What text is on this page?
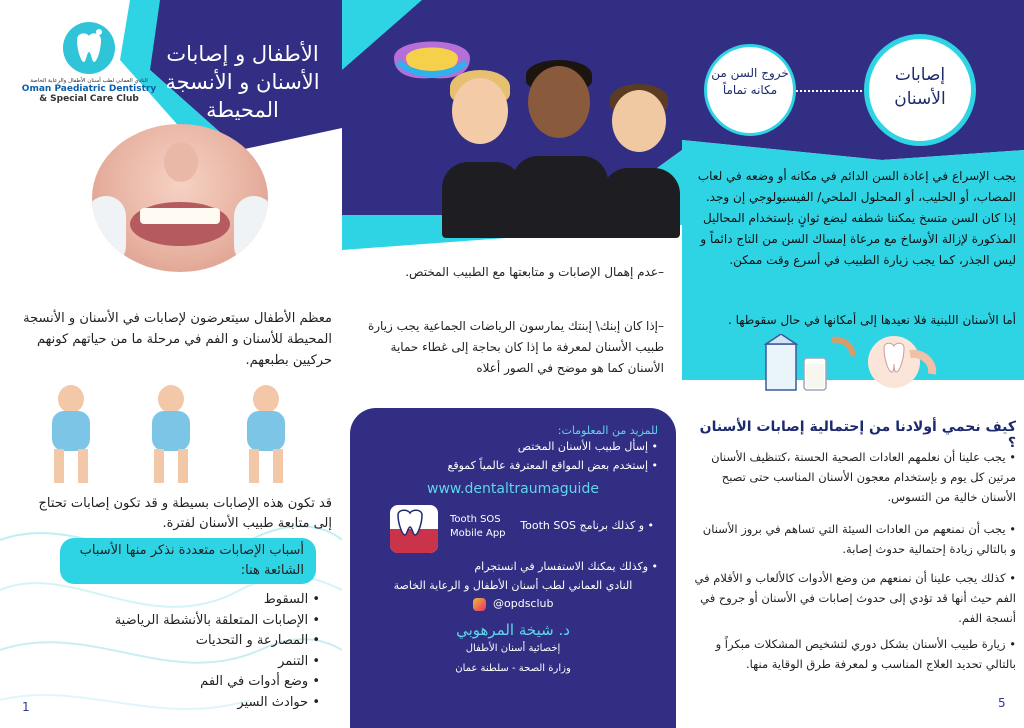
النادي العماني لطب أسنان الأطفال والرعاية الخاصة
Oman Paediatric Dentistry
& Special Care Club
الأطفال و إصابات الأسنان و الأنسجة المحيطة
معظم الأطفال سيتعرضون لإصابات في الأسنان و الأنسجة المحيطة للأسنان و الفم في مرحلة ما من حياتهم كونهم حركيين بطبعهم.
قد تكون هذه الإصابات بسيطة و قد تكون إصابات تحتاج إلى متابعة طبيب الأسنان لفترة.
أسباب الإصابات متعددة نذكر منها الأسباب الشائعة هنا:
• السقوط
• الإصابات المتعلقة بالأنشطة الرياضية
• المصارعة و التحديات
• التنمر
• وضع أدوات في الفم
• حوادث السير
1
–عدم إهمال الإصابات و متابعتها مع الطبيب المختص.
–إذا كان إبنك\ إبنتك يمارسون الرياضات الجماعية يجب زيارة طبيب الأسنان لمعرفة ما إذا كان بحاجة إلى غطاء حماية الأسنان كما هو موضح في الصور أعلاه
للمزيد من المعلومات:
• إسأل طبيب الأسنان المختص
• إستخدم بعض المواقع المعترفة عالمياً كموقع
www.dentaltraumaguide
Tooth SOS
Mobile App
• و كذلك برنامج Tooth SOS
• وكذلك يمكنك الاستفسار في انستجرام
النادي العماني لطب أسنان الأطفال و الرعاية الخاصة
@opdsclub
د. شيخة المرهوبي
إخصائية أسنان الأطفال
وزارة الصحة - سلطنة عمان
إصابات الأسنان
خروج السن من مكانه تماماً
يجب الإسراع في إعادة السن الدائم في مكانه أو وضعه في لعاب المصاب، أو الحليب، أو المحلول الملحي/ الفيسيولوجي إن وجد. إذا كان السن متسخ يمكننا شطفه لبضع ثوانٍ بإستخدام المحاليل المذكورة لإزالة الأوساخ مع مرعاة إمساك السن من التاج دائماً و ليس الجذر، كما يجب زيارة الطبيب في أسرع وقت ممكن.
أما الأسنان اللبنية فلا نعيدها إلى أمكانها في حال سقوطها .
كيف نحمي أولادنا من إحتمالية إصابات الأسنان ؟
• يجب علينا أن نعلمهم العادات الصحية الحسنة ،كتنظيف الأسنان مرتين كل يوم و بإستخدام معجون الأسنان المناسب حتى تصبح الأسنان خالية من التسوس.
• يجب أن نمنعهم من العادات السيئة التي تساهم في بروز الأسنان و بالتالي زيادة إحتمالية حدوث إصابة.
• كذلك يجب علينا أن نمنعهم من وضع الأدوات كالألعاب و الأقلام في الفم حيث أنها قد تؤدي إلى حدوث إصابات في الأسنان أو جروح في أنسجة الفم.
• زيارة طبيب الأسنان بشكل دوري لتشخيص المشكلات مبكراً و بالتالي تحديد العلاج المناسب و لمعرفة طرق الوقاية منها.
5
